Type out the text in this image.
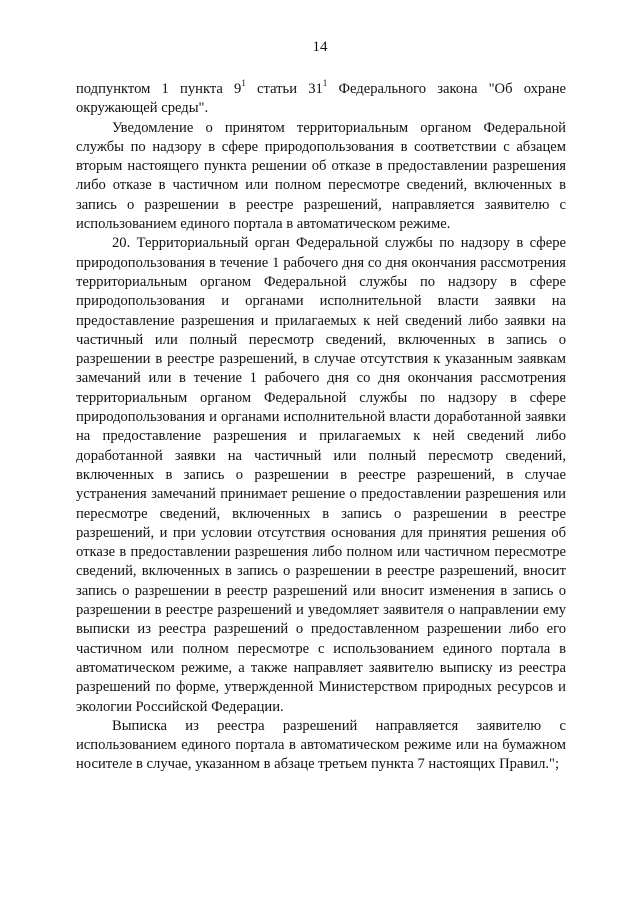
14

подпунктом 1 пункта $9^1$ статьи $31^1$ Федерального закона "Об охране окружающей среды".

Уведомление о принятом территориальным органом Федеральной службы по надзору в сфере природопользования в соответствии с абзацем вторым настоящего пункта решении об отказе в предоставлении разрешения либо отказе в частичном или полном пересмотре сведений, включенных в запись о разрешении в реестре разрешений, направляется заявителю с использованием единого портала в автоматическом режиме.

20. Территориальный орган Федеральной службы по надзору в сфере природопользования в течение 1 рабочего дня со дня окончания рассмотрения территориальным органом Федеральной службы по надзору в сфере природопользования и органами исполнительной власти заявки на предоставление разрешения и прилагаемых к ней сведений либо заявки на частичный или полный пересмотр сведений, включенных в запись о разрешении в реестре разрешений, в случае отсутствия к указанным заявкам замечаний или в течение 1 рабочего дня со дня окончания рассмотрения территориальным органом Федеральной службы по надзору в сфере природопользования и органами исполнительной власти доработанной заявки на предоставление разрешения и прилагаемых к ней сведений либо доработанной заявки на частичный или полный пересмотр сведений, включенных в запись о разрешении в реестре разрешений, в случае устранения замечаний принимает решение о предоставлении разрешения или пересмотре сведений, включенных в запись о разрешении в реестре разрешений, и при условии отсутствия основания для принятия решения об отказе в предоставлении разрешения либо полном или частичном пересмотре сведений, включенных в запись о разрешении в реестре разрешений, вносит запись о разрешении в реестр разрешений или вносит изменения в запись о разрешении в реестре разрешений и уведомляет заявителя о направлении ему выписки из реестра разрешений о предоставленном разрешении либо его частичном или полном пересмотре с использованием единого портала в автоматическом режиме, а также направляет заявителю выписку из реестра разрешений по форме, утвержденной Министерством природных ресурсов и экологии Российской Федерации.

Выписка из реестра разрешений направляется заявителю с использованием единого портала в автоматическом режиме или на бумажном носителе в случае, указанном в абзаце третьем пункта 7 настоящих Правил.";
